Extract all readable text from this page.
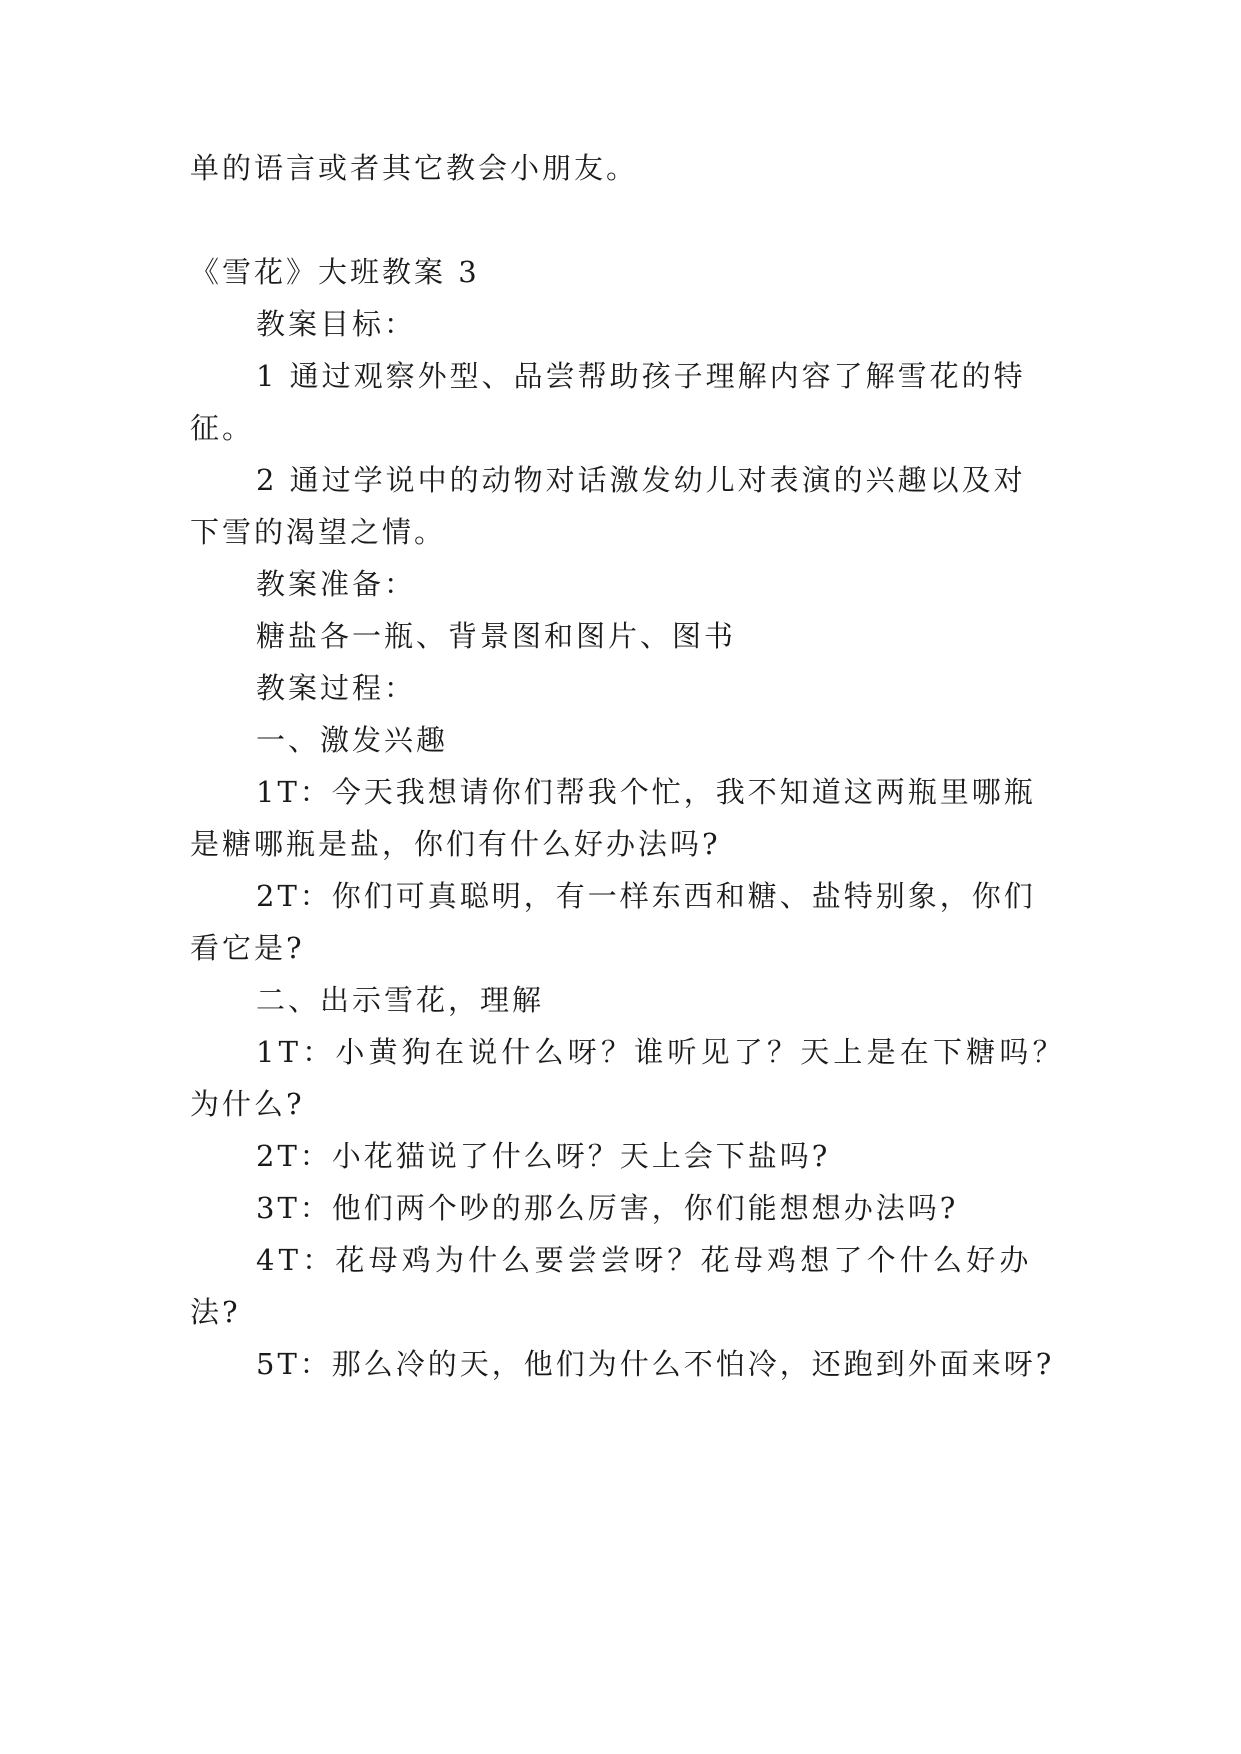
单的语言或者其它教会小朋友。
《雪花》大班教案 3
教案目标：
1 通过观察外型、品尝帮助孩子理解内容了解雪花的特
征。
2 通过学说中的动物对话激发幼儿对表演的兴趣以及对
下雪的渴望之情。
教案准备：
糖盐各一瓶、背景图和图片、图书
教案过程：
一、激发兴趣
1T：今天我想请你们帮我个忙，我不知道这两瓶里哪瓶
是糖哪瓶是盐，你们有什么好办法吗?
2T：你们可真聪明，有一样东西和糖、盐特别象，你们
看它是?
二、出示雪花，理解
1T：小黄狗在说什么呀？谁听见了？天上是在下糖吗？
为什么?
2T：小花猫说了什么呀？天上会下盐吗?
3T：他们两个吵的那么厉害，你们能想想办法吗?
4T：花母鸡为什么要尝尝呀？花母鸡想了个什么好办
法?
5T：那么冷的天，他们为什么不怕冷，还跑到外面来呀?
